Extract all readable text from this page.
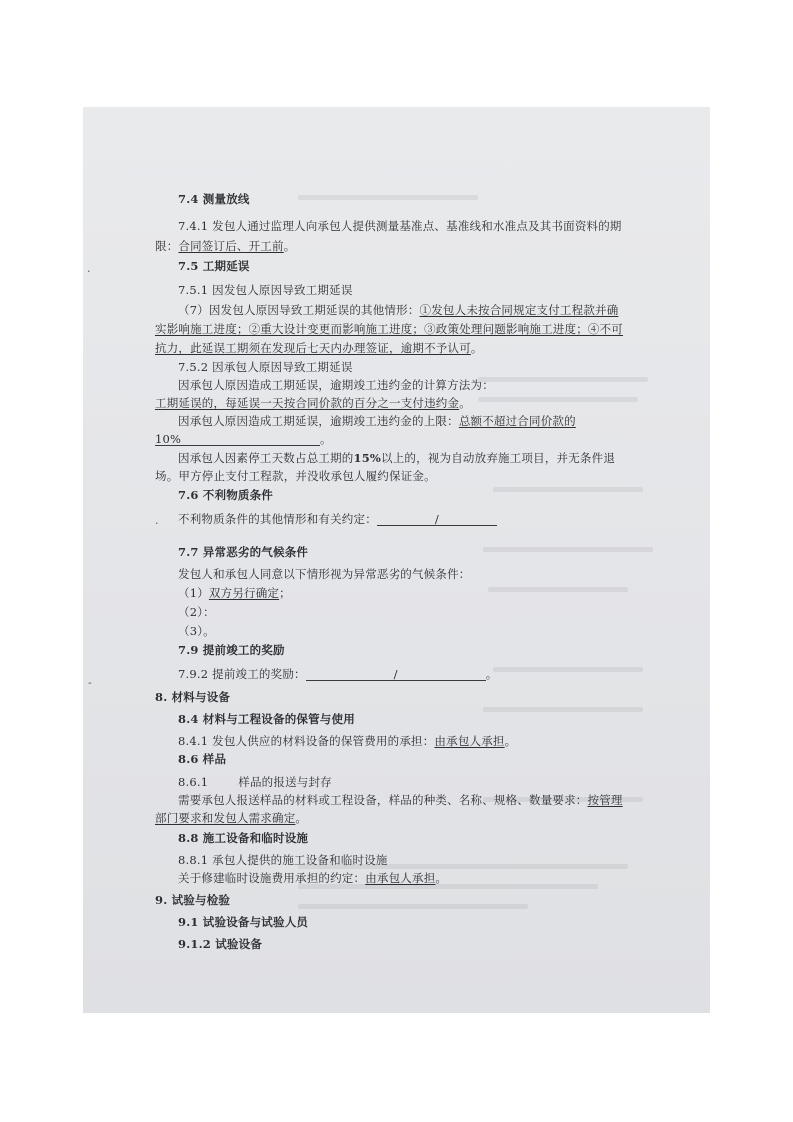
·
·
-
7.4 测量放线
7.4.1 发包人通过监理人向承包人提供测量基准点、基准线和水准点及其书面资料的期
限：合同签订后、开工前。
7.5 工期延误
7.5.1 因发包人原因导致工期延误
（7）因发包人原因导致工期延误的其他情形：①发包人未按合同规定支付工程款并确
实影响施工进度；②重大设计变更而影响施工进度；③政策处理问题影响施工进度；④不可
抗力，此延误工期须在发现后七天内办理签证，逾期不予认可。
7.5.2 因承包人原因导致工期延误
因承包人原因造成工期延误，逾期竣工违约金的计算方法为：
工期延误的，每延误一天按合同价款的百分之一支付违约金。
因承包人原因造成工期延误，逾期竣工违约金的上限：总额不超过合同价款的
10%	。
因承包人因素停工天数占总工期的15%以上的，视为自动放弃施工项目，并无条件退
场。甲方停止支付工程款，并没收承包人履约保证金。
7.6 不利物质条件
不利物质条件的其他情形和有关约定：	/
7.7 异常恶劣的气候条件
发包人和承包人同意以下情形视为异常恶劣的气候条件：
（1）双方另行确定；
（2）：
（3）。
7.9 提前竣工的奖励
7.9.2 提前竣工的奖励：	/	。
8. 材料与设备
8.4 材料与工程设备的保管与使用
8.4.1 发包人供应的材料设备的保管费用的承担：由承包人承担。
8.6 样品
8.6.1	样品的报送与封存
需要承包人报送样品的材料或工程设备，样品的种类、名称、规格、数量要求：按管理
部门要求和发包人需求确定。
8.8 施工设备和临时设施
8.8.1 承包人提供的施工设备和临时设施
关于修建临时设施费用承担的约定：由承包人承担。
9. 试验与检验
9.1 试验设备与试验人员
9.1.2 试验设备
